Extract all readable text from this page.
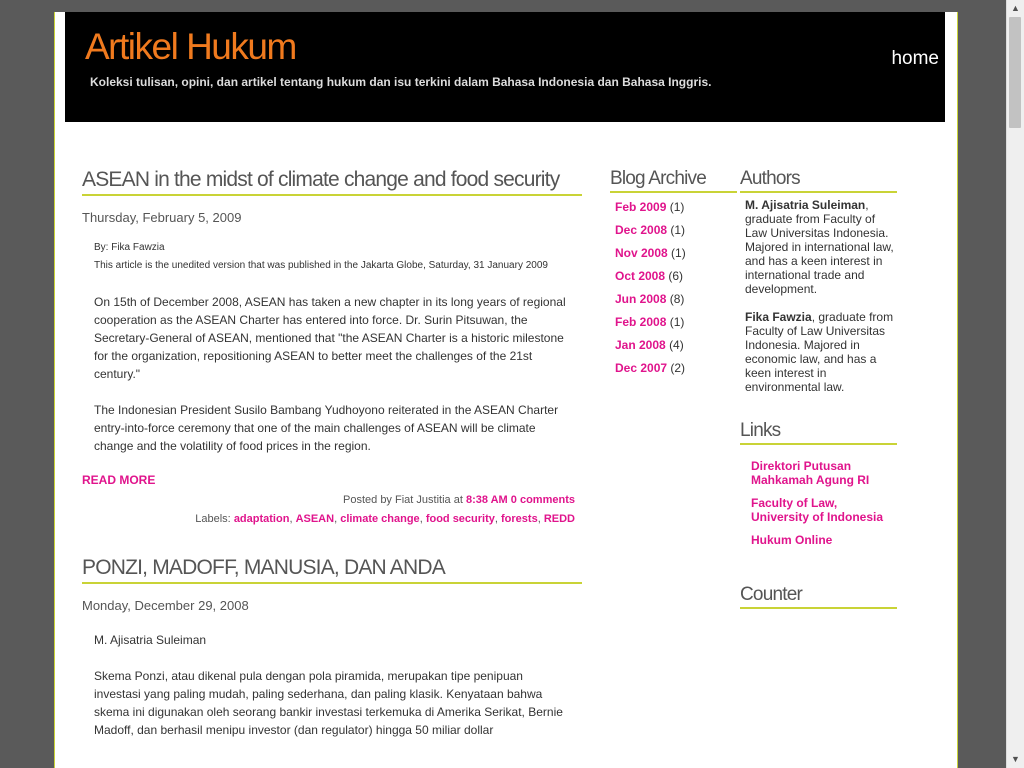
Artikel Hukum
Koleksi tulisan, opini, dan artikel tentang hukum dan isu terkini dalam Bahasa Indonesia dan Bahasa Inggris.
home
ASEAN in the midst of climate change and food security
Thursday, February 5, 2009
By: Fika Fawzia
This article is the unedited version that was published in the Jakarta Globe, Saturday, 31 January 2009
On 15th of December 2008, ASEAN has taken a new chapter in its long years of regional cooperation as the ASEAN Charter has entered into force. Dr. Surin Pitsuwan, the Secretary-General of ASEAN, mentioned that "the ASEAN Charter is a historic milestone for the organization, repositioning ASEAN to better meet the challenges of the 21st century."
The Indonesian President Susilo Bambang Yudhoyono reiterated in the ASEAN Charter entry-into-force ceremony that one of the main challenges of ASEAN will be climate change and the volatility of food prices in the region.
READ MORE
Posted by Fiat Justitia at 8:38 AM 0 comments
Labels: adaptation, ASEAN, climate change, food security, forests, REDD
PONZI, MADOFF, MANUSIA, DAN ANDA
Monday, December 29, 2008
M. Ajisatria Suleiman
Skema Ponzi, atau dikenal pula dengan pola piramida, merupakan tipe penipuan investasi yang paling mudah, paling sederhana, dan paling klasik. Kenyataan bahwa skema ini digunakan oleh seorang bankir investasi terkemuka di Amerika Serikat, Bernie Madoff, dan berhasil menipu investor (dan regulator) hingga 50 miliar dollar
Blog Archive
Feb 2009 (1)
Dec 2008 (1)
Nov 2008 (1)
Oct 2008 (6)
Jun 2008 (8)
Feb 2008 (1)
Jan 2008 (4)
Dec 2007 (2)
Authors
M. Ajisatria Suleiman, graduate from Faculty of Law Universitas Indonesia. Majored in international law, and has a keen interest in international trade and development.
Fika Fawzia, graduate from Faculty of Law Universitas Indonesia. Majored in economic law, and has a keen interest in environmental law.
Links
Direktori Putusan Mahkamah Agung RI
Faculty of Law, University of Indonesia
Hukum Online
Counter
▲
▼
